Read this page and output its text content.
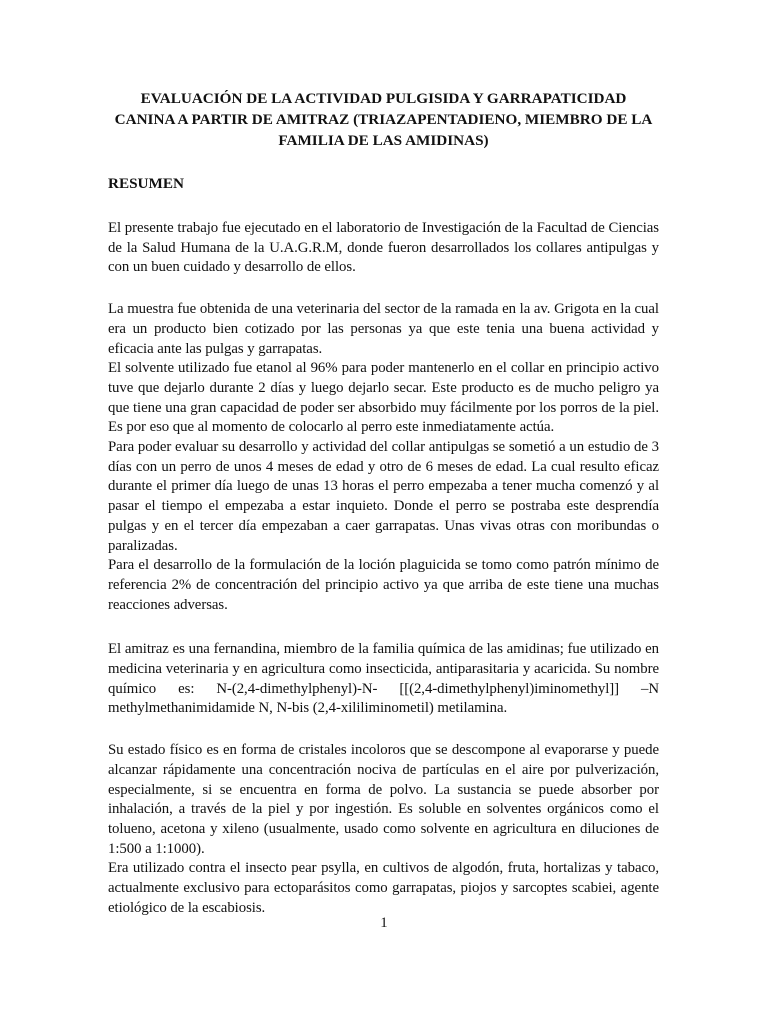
EVALUACIÓN DE LA ACTIVIDAD PULGISIDA Y GARRAPATICIDAD
CANINA A PARTIR DE AMITRAZ (TRIAZAPENTADIENO, MIEMBRO DE LA
FAMILIA DE LAS AMIDINAS)
RESUMEN

El presente trabajo fue ejecutado en el laboratorio de Investigación de la Facultad de Ciencias de la Salud Humana de la U.A.G.R.M, donde fueron desarrollados los collares antipulgas y con un buen cuidado y desarrollo de ellos.

La muestra fue obtenida de una veterinaria del sector de la ramada en la av. Grigota en la cual era un producto bien cotizado por las personas ya que este tenia una buena actividad y eficacia ante las pulgas y garrapatas.

El solvente utilizado fue etanol al 96% para poder mantenerlo en el collar en principio activo tuve que dejarlo durante 2 días y luego dejarlo secar. Este producto es de mucho peligro ya que tiene una gran capacidad de poder ser absorbido muy fácilmente por los porros de la piel. Es por eso que al momento de colocarlo al perro este inmediatamente actúa.

Para poder evaluar su desarrollo y actividad del collar antipulgas se sometió a un estudio de 3 días con un perro de unos 4 meses de edad y otro de 6 meses de edad. La cual resulto eficaz durante el primer día luego de unas 13 horas el perro empezaba a tener mucha comenzó y al pasar el tiempo el empezaba a estar inquieto. Donde el perro se postraba este desprendía pulgas y en el tercer día empezaban a caer garrapatas. Unas vivas otras con moribundas o paralizadas.

Para el desarrollo de la formulación de la loción plaguicida se tomo como patrón mínimo de referencia 2% de concentración del principio activo ya que arriba de este tiene una muchas reacciones adversas.

El amitraz es una fernandina, miembro de la familia química de las amidinas; fue utilizado en medicina veterinaria y en agricultura como insecticida, antiparasitaria y acaricida. Su nombre químico es: N-(2,4-dimethylphenyl)-N- [[(2,4-dimethylphenyl)iminomethyl]] –N methylmethanimidamide N, N-bis (2,4-xililiminometil) metilamina.

Su estado físico es en forma de cristales incoloros que se descompone al evaporarse y puede alcanzar rápidamente una concentración nociva de partículas en el aire por pulverización, especialmente, si se encuentra en forma de polvo. La sustancia se puede absorber por inhalación, a través de la piel y por ingestión. Es soluble en solventes orgánicos como el tolueno, acetona y xileno (usualmente, usado como solvente en agricultura en diluciones de 1:500 a 1:1000).

Era utilizado contra el insecto pear psylla, en cultivos de algodón, fruta, hortalizas y tabaco, actualmente exclusivo para ectoparásitos como garrapatas, piojos y sarcoptes scabiei, agente etiológico de la escabiosis.

1
